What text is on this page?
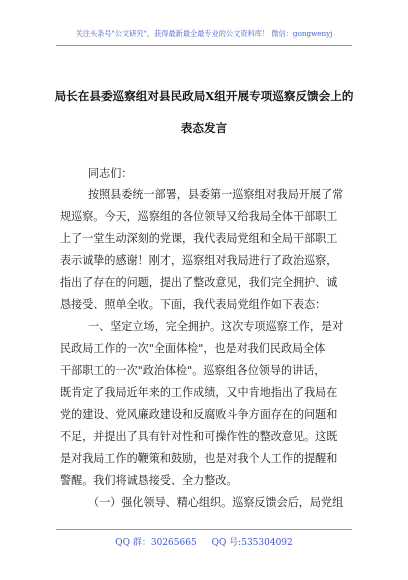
关注头条号"公文研究"，获得最新最全最专业的公文资料库！ 微信：gongwenyj
局长在县委巡察组对县民政局X组开展专项巡察反馈会上的
表态发言
同志们：
按照县委统一部署，县委第一巡察组对我局开展了常
规巡察。今天，巡察组的各位领导又给我局全体干部职工
上了一堂生动深刻的党课，我代表局党组和全局干部职工
表示诚挚的感谢！刚才，巡察组对我局进行了政治巡察，
指出了存在的问题，提出了整改意见，我们完全拥护、诚
恳接受、照单全收。下面，我代表局党组作如下表态：
一、坚定立场，完全拥护。这次专项巡察工作，是对
民政局工作的一次"全面体检"，也是对我们民政局全体
干部职工的一次"政治体检"。巡察组各位领导的讲话，
既肯定了我局近年来的工作成绩，又中肯地指出了我局在
党的建设、党风廉政建设和反腐败斗争方面存在的问题和
不足，并提出了具有针对性和可操作性的整改意见。这既
是对我局工作的鞭策和鼓励，也是对我个人工作的提醒和
警醒。我们将诚恳接受、全力整改。
（一）强化领导、精心组织。巡察反馈会后，局党组
QQ 群：30265665 QQ 号:535304092
